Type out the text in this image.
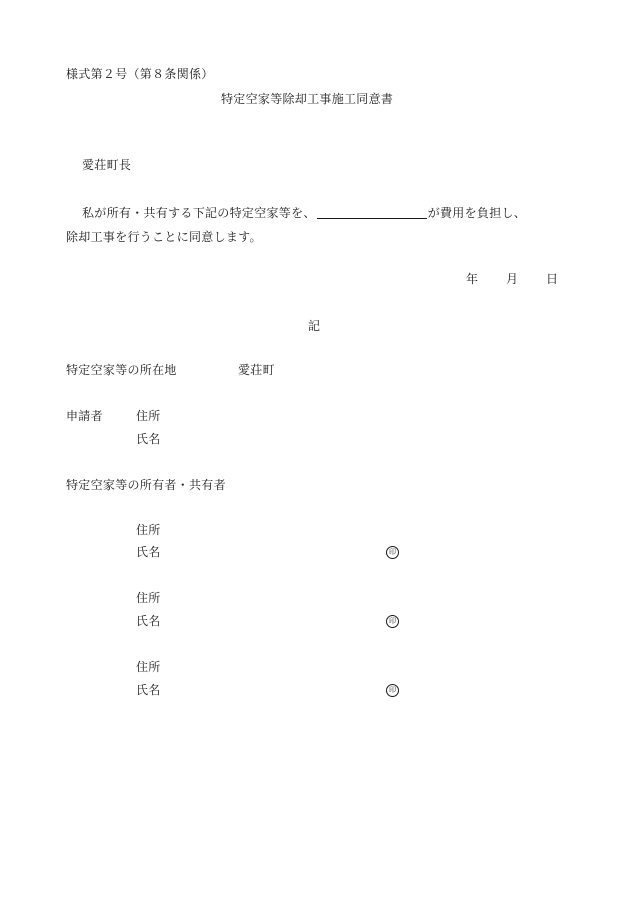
様式第２号（第８条関係）
特定空家等除却工事施工同意書
愛荘町長
私が所有・共有する下記の特定空家等を、	が費用を負担し、
除却工事を行うことに同意します。
年 月 日
記
特定空家等の所在地	愛荘町
申請者	住所
氏名
特定空家等の所有者・共有者
住所
氏名	印
住所
氏名	印
住所
氏名	印
